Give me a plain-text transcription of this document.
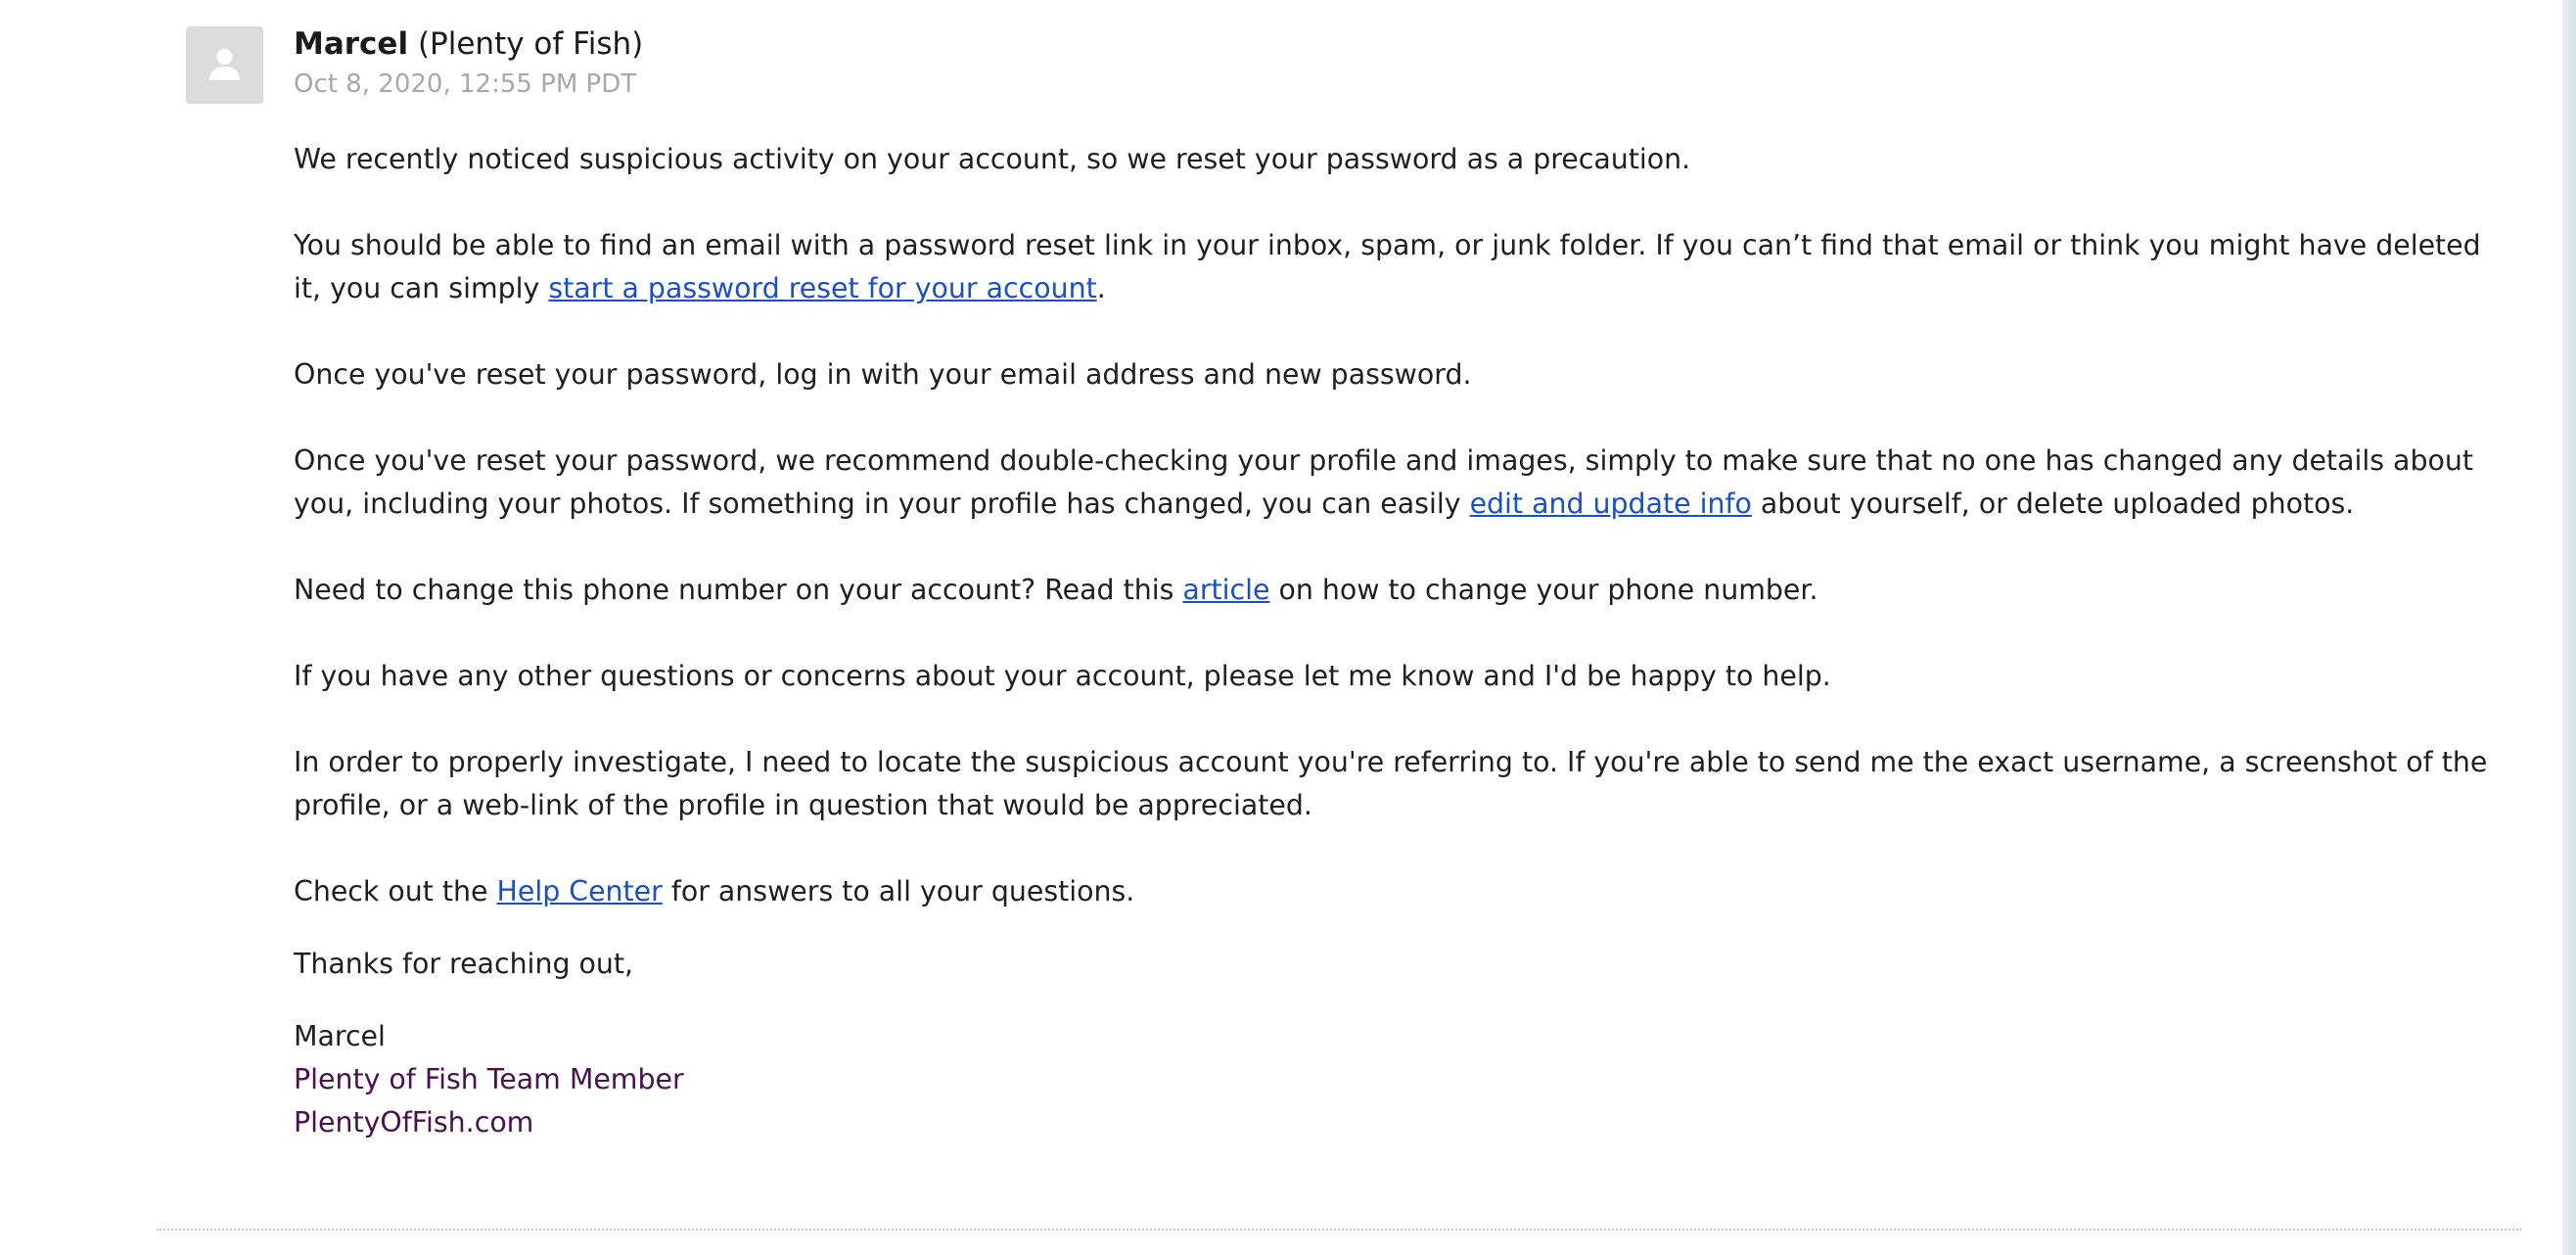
Marcel (Plenty of Fish)
Oct 8, 2020, 12:55 PM PDT

We recently noticed suspicious activity on your account, so we reset your password as a precaution.

You should be able to find an email with a password reset link in your inbox, spam, or junk folder. If you can’t find that email or think you might have deleted it, you can simply start a password reset for your account.

Once you've reset your password, log in with your email address and new password.

Once you've reset your password, we recommend double-checking your profile and images, simply to make sure that no one has changed any details about you, including your photos. If something in your profile has changed, you can easily edit and update info about yourself, or delete uploaded photos.

Need to change this phone number on your account? Read this article on how to change your phone number.

If you have any other questions or concerns about your account, please let me know and I'd be happy to help.

In order to properly investigate, I need to locate the suspicious account you're referring to. If you're able to send me the exact username, a screenshot of the profile, or a web-link of the profile in question that would be appreciated.

Check out the Help Center for answers to all your questions.

Thanks for reaching out,

Marcel
Plenty of Fish Team Member
PlentyOfFish.com
